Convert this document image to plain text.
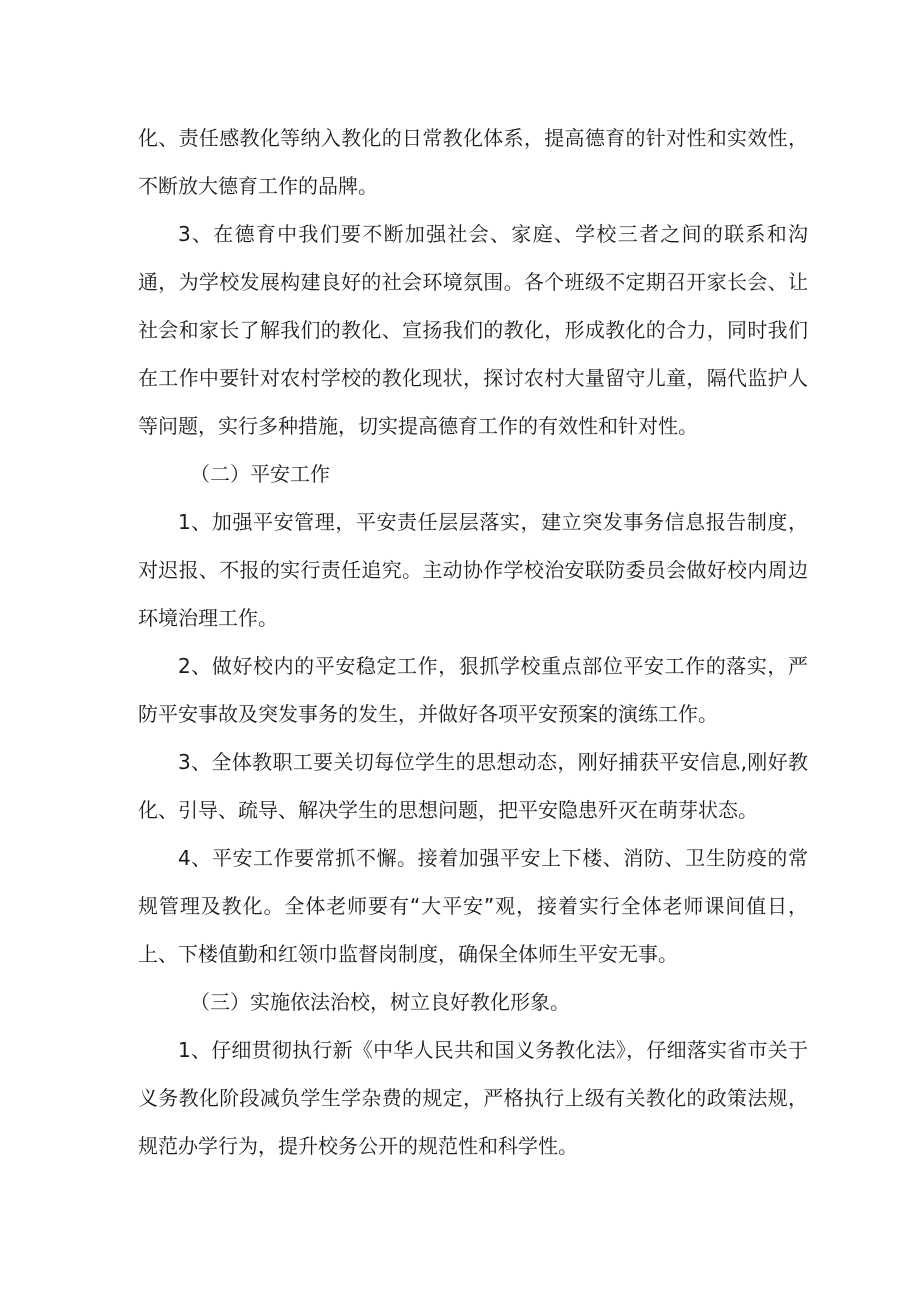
化、责任感教化等纳入教化的日常教化体系，提高德育的针对性和实效性，不断放大德育工作的品牌。

3、在德育中我们要不断加强社会、家庭、学校三者之间的联系和沟通，为学校发展构建良好的社会环境氛围。各个班级不定期召开家长会、让社会和家长了解我们的教化、宣扬我们的教化，形成教化的合力，同时我们在工作中要针对农村学校的教化现状，探讨农村大量留守儿童，隔代监护人等问题，实行多种措施，切实提高德育工作的有效性和针对性。

（二）平安工作

1、加强平安管理，平安责任层层落实，建立突发事务信息报告制度，对迟报、不报的实行责任追究。主动协作学校治安联防委员会做好校内周边环境治理工作。

2、做好校内的平安稳定工作，狠抓学校重点部位平安工作的落实，严防平安事故及突发事务的发生，并做好各项平安预案的演练工作。

3、全体教职工要关切每位学生的思想动态，刚好捕获平安信息,刚好教化、引导、疏导、解决学生的思想问题，把平安隐患歼灭在萌芽状态。

4、平安工作要常抓不懈。接着加强平安上下楼、消防、卫生防疫的常规管理及教化。全体老师要有“大平安”观，接着实行全体老师课间值日，上、下楼值勤和红领巾监督岗制度，确保全体师生平安无事。

（三）实施依法治校，树立良好教化形象。

1、仔细贯彻执行新《中华人民共和国义务教化法》，仔细落实省市关于义务教化阶段减负学生学杂费的规定，严格执行上级有关教化的政策法规，规范办学行为，提升校务公开的规范性和科学性。
